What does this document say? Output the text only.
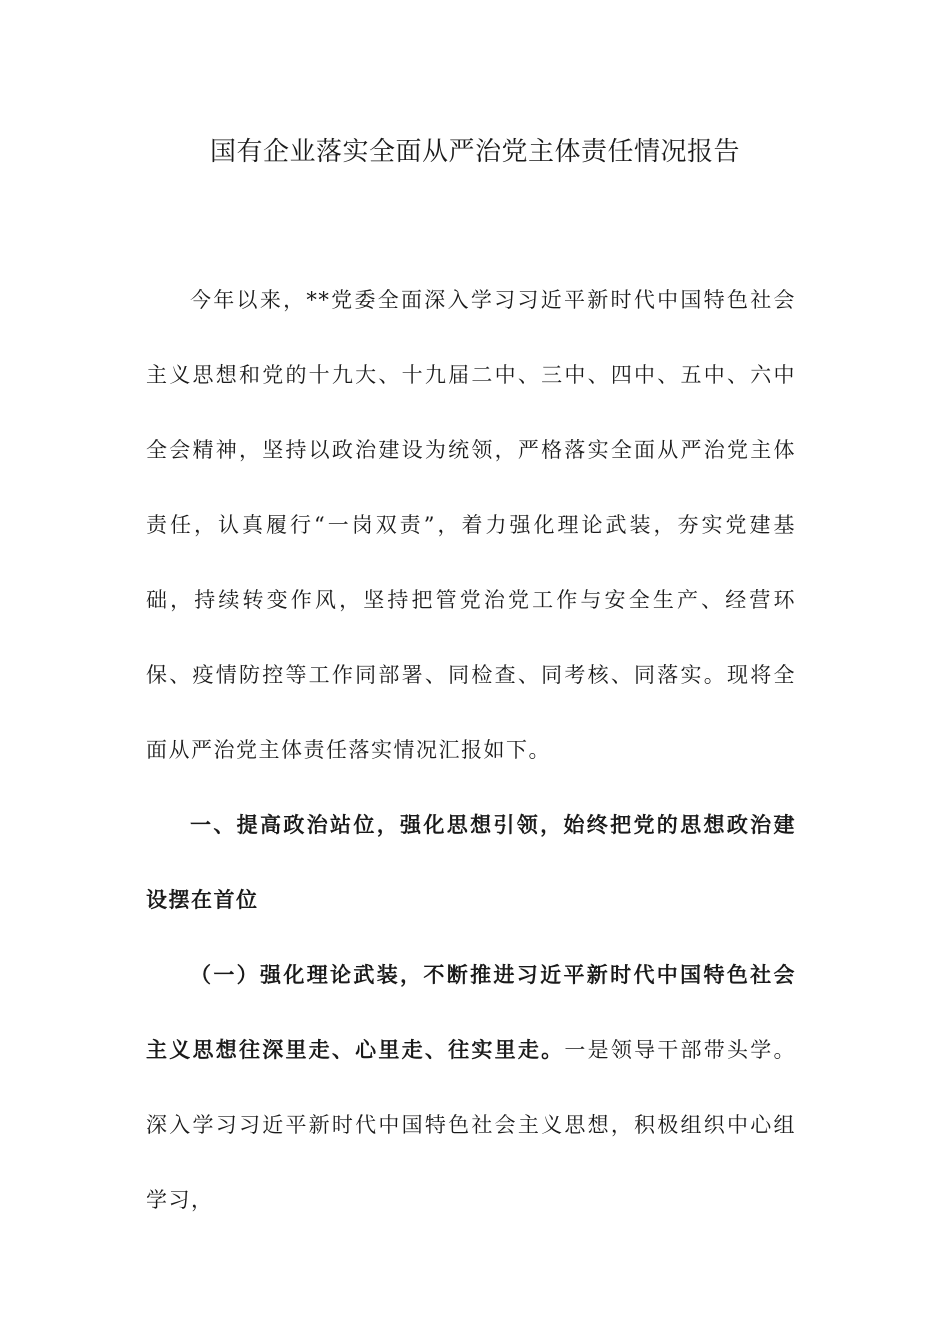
国有企业落实全面从严治党主体责任情况报告

今年以来，**党委全面深入学习习近平新时代中国特色社会主义思想和党的十九大、十九届二中、三中、四中、五中、六中全会精神，坚持以政治建设为统领，严格落实全面从严治党主体责任，认真履行“一岗双责”，着力强化理论武装，夯实党建基础，持续转变作风，坚持把管党治党工作与安全生产、经营环保、疫情防控等工作同部署、同检查、同考核、同落实。现将全面从严治党主体责任落实情况汇报如下。

一、提高政治站位，强化思想引领，始终把党的思想政治建设摆在首位

（一）强化理论武装，不断推进习近平新时代中国特色社会主义思想往深里走、心里走、往实里走。一是领导干部带头学。深入学习习近平新时代中国特色社会主义思想，积极组织中心组学习，
